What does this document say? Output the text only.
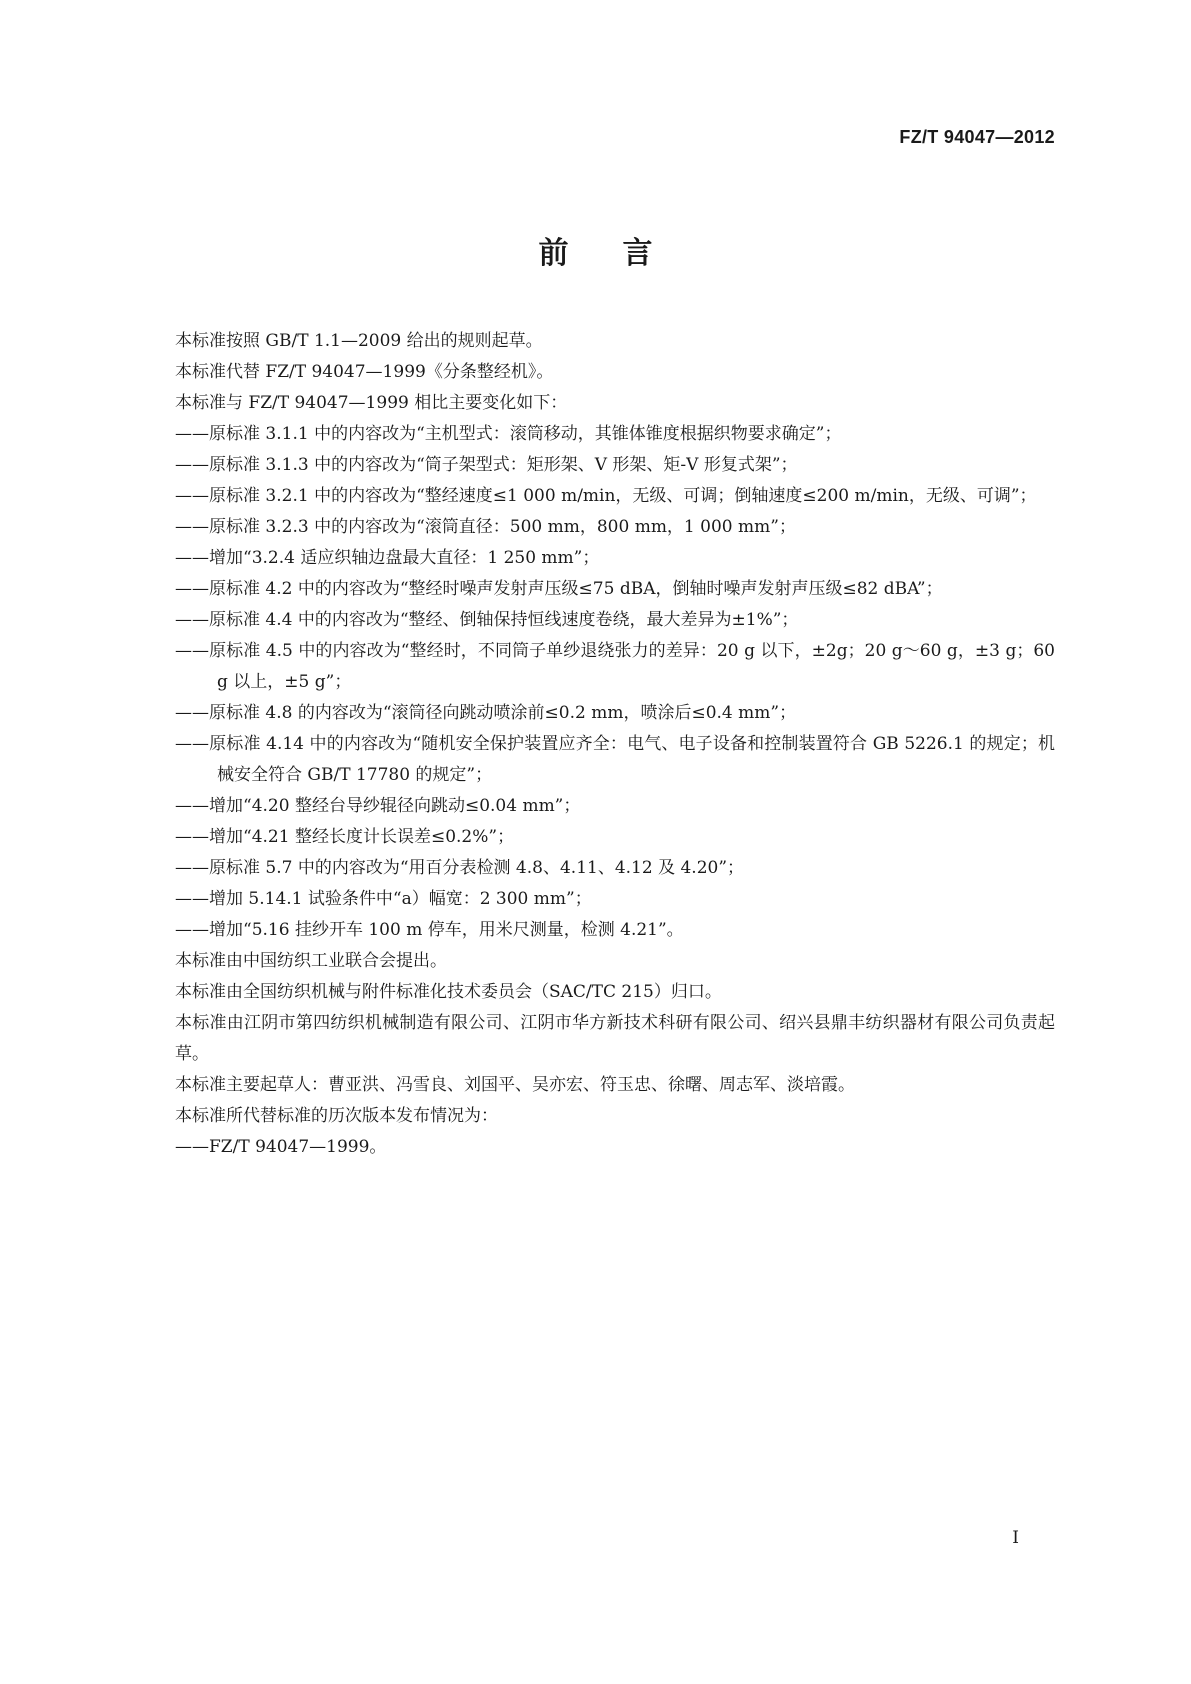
FZ/T 94047—2012
前言

本标准按照 GB/T 1.1—2009 给出的规则起草。

本标准代替 FZ/T 94047—1999《分条整经机》。

本标准与 FZ/T 94047—1999 相比主要变化如下：

——原标准 3.1.1 中的内容改为“主机型式：滚筒移动，其锥体锥度根据织物要求确定”；

——原标准 3.1.3 中的内容改为“筒子架型式：矩形架、V 形架、矩-V 形复式架”；

——原标准 3.2.1 中的内容改为“整经速度≤1 000 m/min，无级、可调；倒轴速度≤200 m/min，无级、可调”；

——原标准 3.2.3 中的内容改为“滚筒直径：500 mm，800 mm，1 000 mm”；

——增加“3.2.4 适应织轴边盘最大直径：1 250 mm”；

——原标准 4.2 中的内容改为“整经时噪声发射声压级≤75 dBA，倒轴时噪声发射声压级≤82 dBA”；

——原标准 4.4 中的内容改为“整经、倒轴保持恒线速度卷绕，最大差异为±1%”；

——原标准 4.5 中的内容改为“整经时，不同筒子单纱退绕张力的差异：20 g 以下，±2g；20 g～60 g，±3 g；60 g 以上，±5 g”；

——原标准 4.8 的内容改为“滚筒径向跳动喷涂前≤0.2 mm，喷涂后≤0.4 mm”；

——原标准 4.14 中的内容改为“随机安全保护装置应齐全：电气、电子设备和控制装置符合 GB 5226.1 的规定；机械安全符合 GB/T 17780 的规定”；

——增加“4.20 整经台导纱辊径向跳动≤0.04 mm”；

——增加“4.21 整经长度计长误差≤0.2%”；

——原标准 5.7 中的内容改为“用百分表检测 4.8、4.11、4.12 及 4.20”；

——增加 5.14.1 试验条件中“a）幅宽：2 300 mm”；

——增加“5.16 挂纱开车 100 m 停车，用米尺测量，检测 4.21”。

本标准由中国纺织工业联合会提出。

本标准由全国纺织机械与附件标准化技术委员会（SAC/TC 215）归口。

本标准由江阴市第四纺织机械制造有限公司、江阴市华方新技术科研有限公司、绍兴县鼎丰纺织器材有限公司负责起草。

本标准主要起草人：曹亚洪、冯雪良、刘国平、吴亦宏、符玉忠、徐曙、周志军、淡培霞。

本标准所代替标准的历次版本发布情况为：

——FZ/T 94047—1999。

I
